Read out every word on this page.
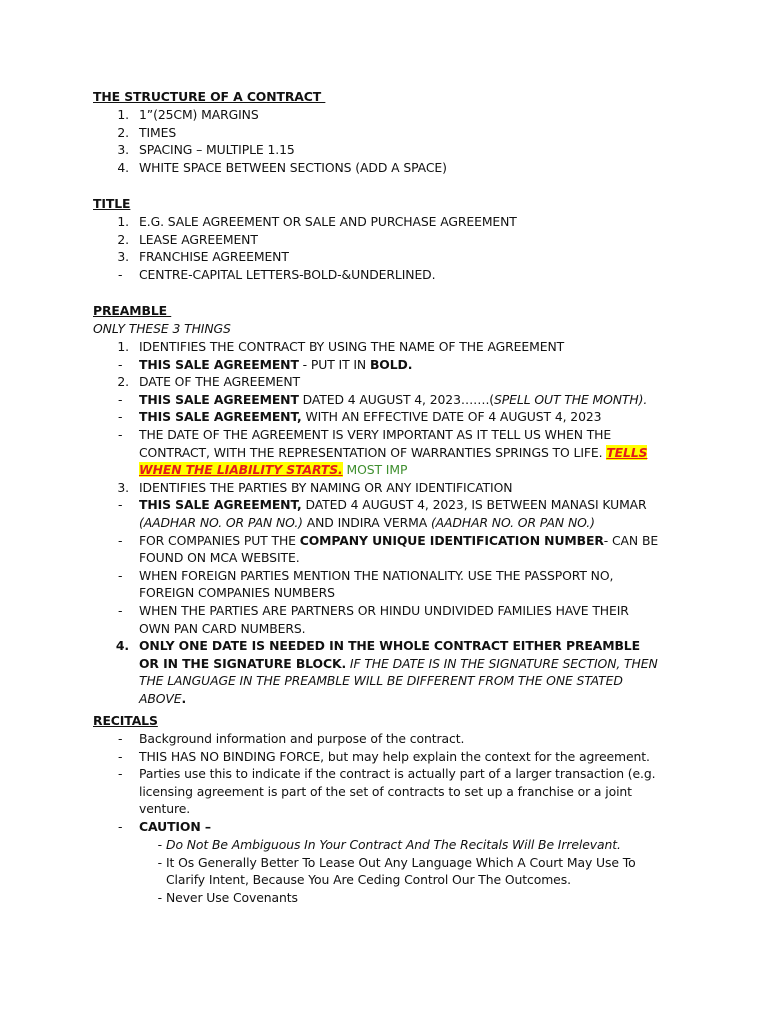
THE STRUCTURE OF A CONTRACT
1. 1”(25CM) MARGINS
2. TIMES
3. SPACING – MULTIPLE 1.15
4. WHITE SPACE BETWEEN SECTIONS (ADD A SPACE)
TITLE
1. E.G. SALE AGREEMENT OR SALE AND PURCHASE AGREEMENT
2. LEASE AGREEMENT
3. FRANCHISE AGREEMENT
-	CENTRE-CAPITAL LETTERS-BOLD-&UNDERLINED.
PREAMBLE
ONLY THESE 3 THINGS
1. IDENTIFIES THE CONTRACT BY USING THE NAME OF THE AGREEMENT
-	THIS SALE AGREEMENT - PUT IT IN BOLD.
2. DATE OF THE AGREEMENT
-	THIS SALE AGREEMENT DATED 4 AUGUST 4, 2023…….(SPELL OUT THE MONTH).
-	THIS SALE AGREEMENT, WITH AN EFFECTIVE DATE OF 4 AUGUST 4, 2023
-	THE DATE OF THE AGREEMENT IS VERY IMPORTANT AS IT TELL US WHEN THE CONTRACT, WITH THE REPRESENTATION OF WARRANTIES SPRINGS TO LIFE. TELLS WHEN THE LIABILITY STARTS. MOST IMP
3. IDENTIFIES THE PARTIES BY NAMING OR ANY IDENTIFICATION
-	THIS SALE AGREEMENT, DATED 4 AUGUST 4, 2023, IS BETWEEN MANASI KUMAR (AADHAR NO. OR PAN NO.) AND INDIRA VERMA (AADHAR NO. OR PAN NO.)
-	FOR COMPANIES PUT THE COMPANY UNIQUE IDENTIFICATION NUMBER- CAN BE FOUND ON MCA WEBSITE.
-	WHEN FOREIGN PARTIES MENTION THE NATIONALITY. USE THE PASSPORT NO, FOREIGN COMPANIES NUMBERS
-	WHEN THE PARTIES ARE PARTNERS OR HINDU UNDIVIDED FAMILIES HAVE THEIR OWN PAN CARD NUMBERS.
4. ONLY ONE DATE IS NEEDED IN THE WHOLE CONTRACT EITHER PREAMBLE OR IN THE SIGNATURE BLOCK. IF THE DATE IS IN THE SIGNATURE SECTION, THEN THE LANGUAGE IN THE PREAMBLE WILL BE DIFFERENT FROM THE ONE STATED ABOVE.
RECITALS
-	Background information and purpose of the contract.
-	THIS HAS NO BINDING FORCE, but may help explain the context for the agreement.
-	Parties use this to indicate if the contract is actually part of a larger transaction (e.g. licensing agreement is part of the set of contracts to set up a franchise or a joint venture.
-	CAUTION –
- Do Not Be Ambiguous In Your Contract And The Recitals Will Be Irrelevant.
- It Os Generally Better To Lease Out Any Language Which A Court May Use To Clarify Intent, Because You Are Ceding Control Our The Outcomes.
- Never Use Covenants
